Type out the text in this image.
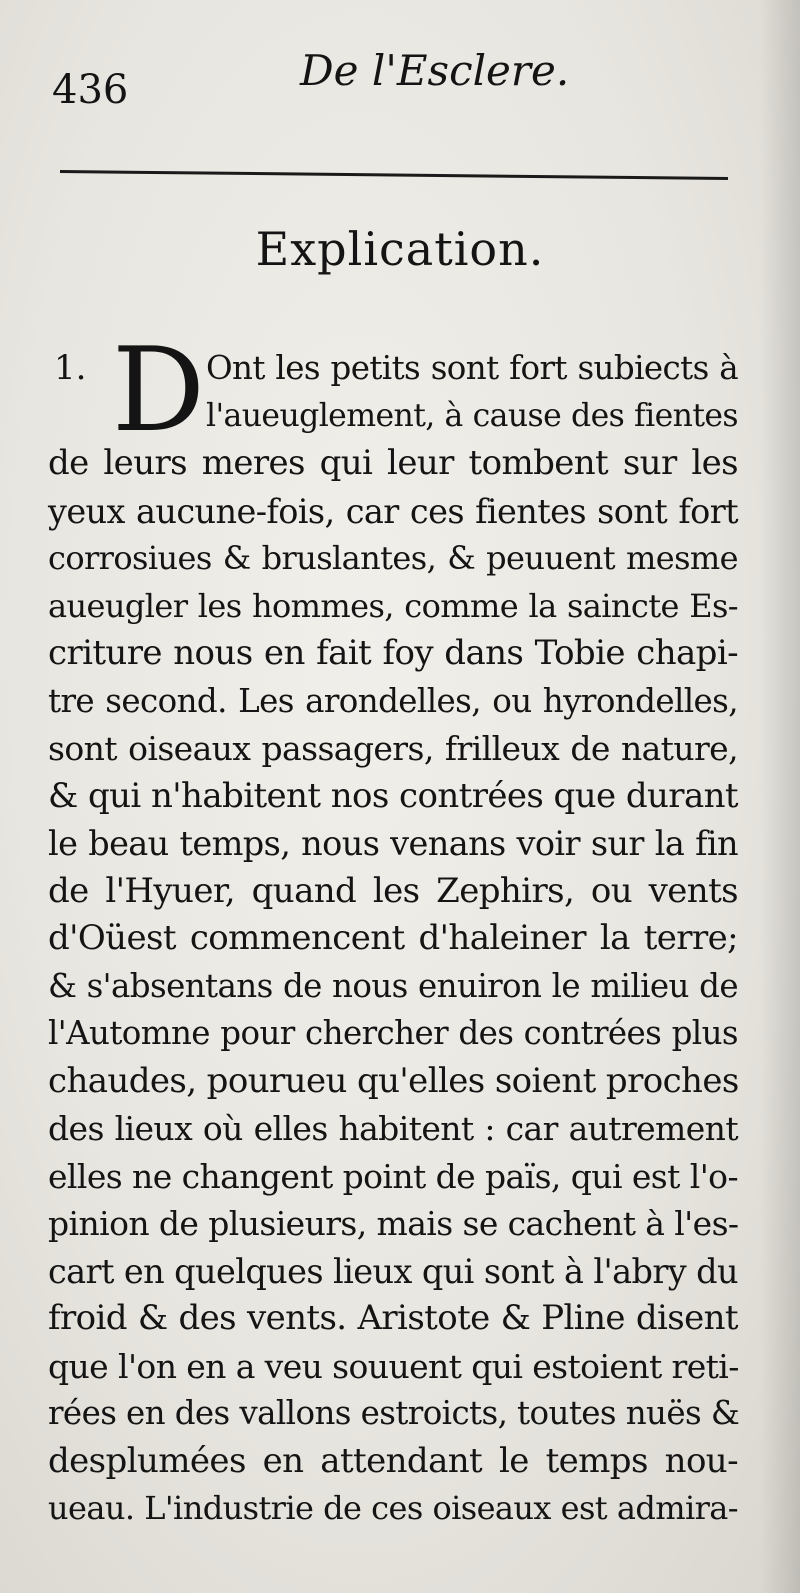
436	De l'Esclere.
Explication.
1. D Ont les petits sont fort subiects à
l'aueuglement, à cause des fientes
de leurs meres qui leur tombent sur les
yeux aucune-fois, car ces fientes sont fort
corrosiues & bruslantes, & peuuent mesme
aueugler les hommes, comme la saincte Es-
criture nous en fait foy dans Tobie chapi-
tre second. Les arondelles, ou hyrondelles,
sont oiseaux passagers, frilleux de nature,
& qui n'habitent nos contrées que durant
le beau temps, nous venans voir sur la fin
de l'Hyuer, quand les Zephirs, ou vents
d'Oüest commencent d'haleiner la terre;
& s'absentans de nous enuiron le milieu de
l'Automne pour chercher des contrées plus
chaudes, pourueu qu'elles soient proches
des lieux où elles habitent : car autrement
elles ne changent point de païs, qui est l'o-
pinion de plusieurs, mais se cachent à l'es-
cart en quelques lieux qui sont à l'abry du
froid & des vents. Aristote & Pline disent
que l'on en a veu souuent qui estoient reti-
rées en des vallons estroicts, toutes nuës &
desplumées en attendant le temps nou-
ueau. L'industrie de ces oiseaux est admira-
